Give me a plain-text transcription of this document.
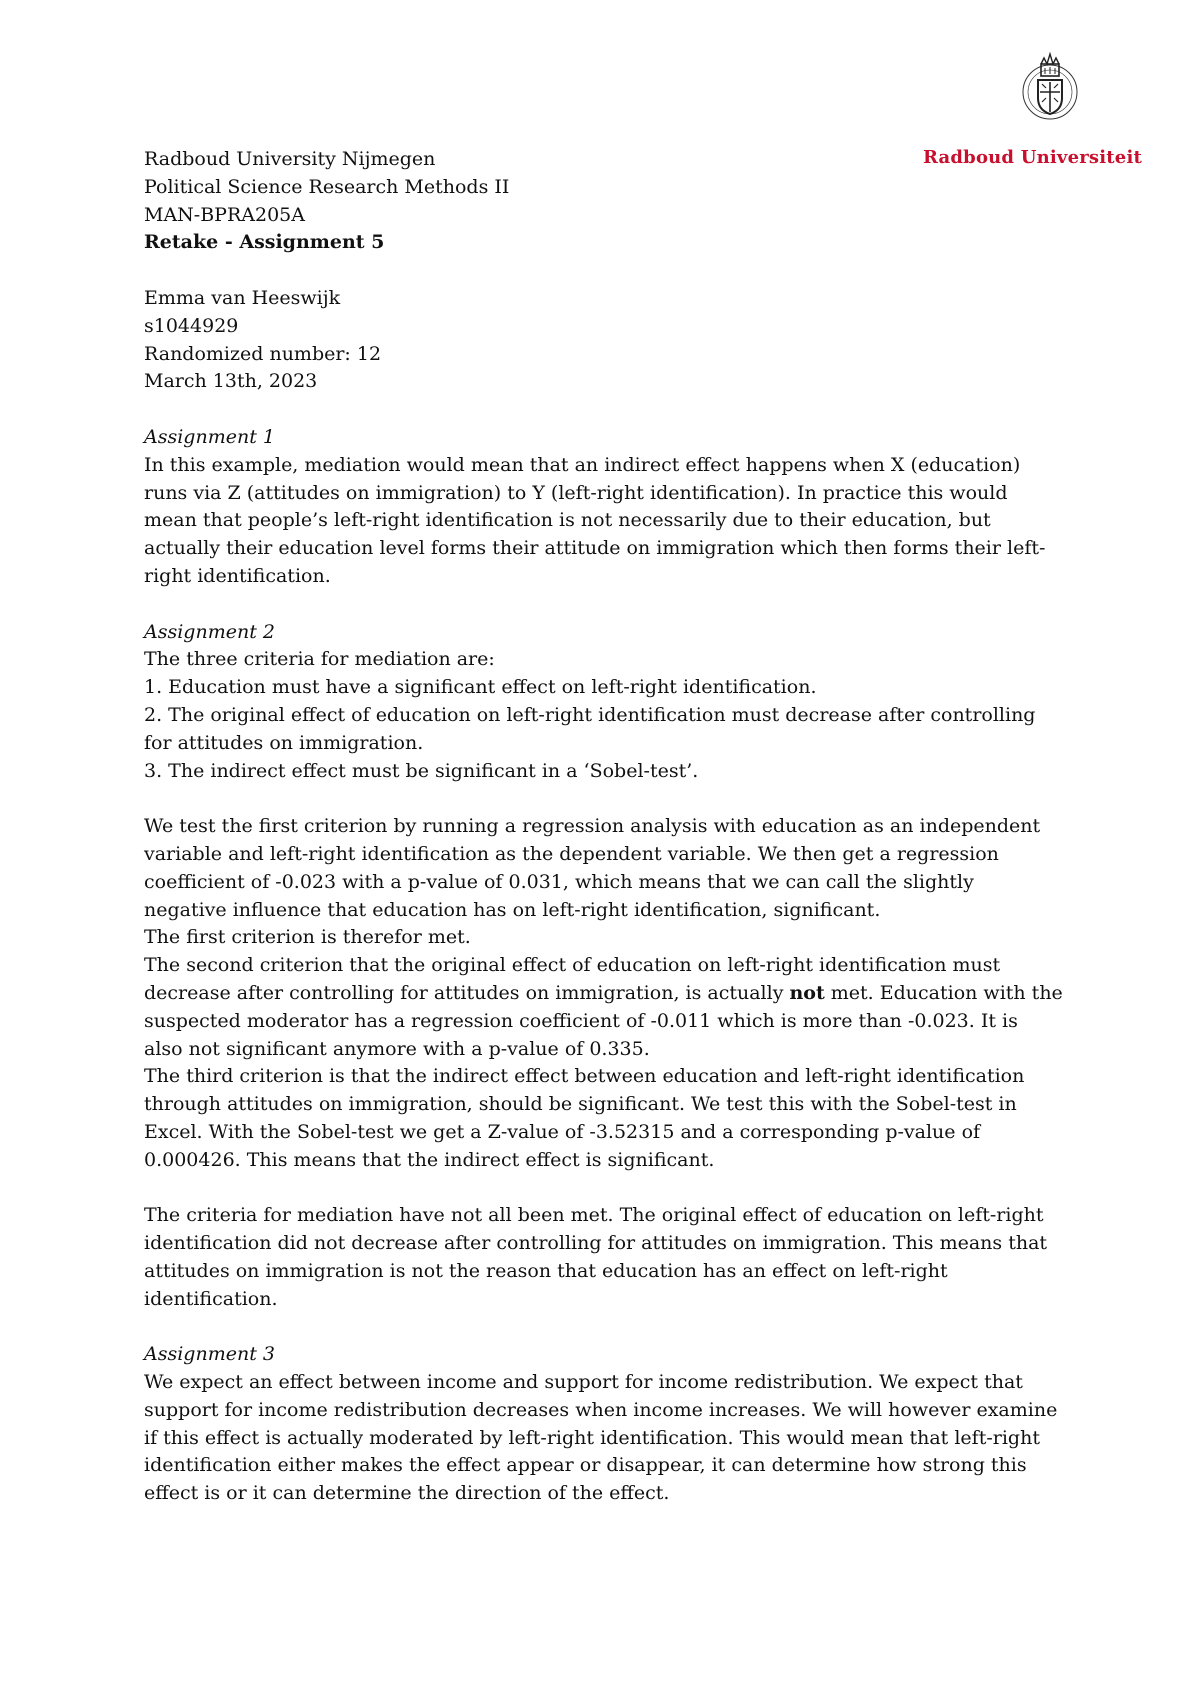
Radboud Universiteit

Radboud University Nijmegen

Political Science Research Methods II

MAN-BPRA205A

Retake - Assignment 5

Emma van Heeswijk

s1044929

Randomized number: 12

March 13th, 2023

Assignment 1

In this example, mediation would mean that an indirect effect happens when X (education)

runs via Z (attitudes on immigration) to Y (left-right identification). In practice this would

mean that people’s left-right identification is not necessarily due to their education, but

actually their education level forms their attitude on immigration which then forms their left-

right identification.

Assignment 2

The three criteria for mediation are:

1. Education must have a significant effect on left-right identification.

2. The original effect of education on left-right identification must decrease after controlling

for attitudes on immigration.

3. The indirect effect must be significant in a ‘Sobel-test’.

We test the first criterion by running a regression analysis with education as an independent

variable and left-right identification as the dependent variable. We then get a regression

coefficient of -0.023 with a p-value of 0.031, which means that we can call the slightly

negative influence that education has on left-right identification, significant.

The first criterion is therefor met.

The second criterion that the original effect of education on left-right identification must

decrease after controlling for attitudes on immigration, is actually not met. Education with the

suspected moderator has a regression coefficient of -0.011 which is more than -0.023. It is

also not significant anymore with a p-value of 0.335.

The third criterion is that the indirect effect between education and left-right identification

through attitudes on immigration, should be significant. We test this with the Sobel-test in

Excel. With the Sobel-test we get a Z-value of -3.52315 and a corresponding p-value of

0.000426. This means that the indirect effect is significant.

The criteria for mediation have not all been met. The original effect of education on left-right

identification did not decrease after controlling for attitudes on immigration. This means that

attitudes on immigration is not the reason that education has an effect on left-right

identification.

Assignment 3

We expect an effect between income and support for income redistribution. We expect that

support for income redistribution decreases when income increases. We will however examine

if this effect is actually moderated by left-right identification. This would mean that left-right

identification either makes the effect appear or disappear, it can determine how strong this

effect is or it can determine the direction of the effect.
